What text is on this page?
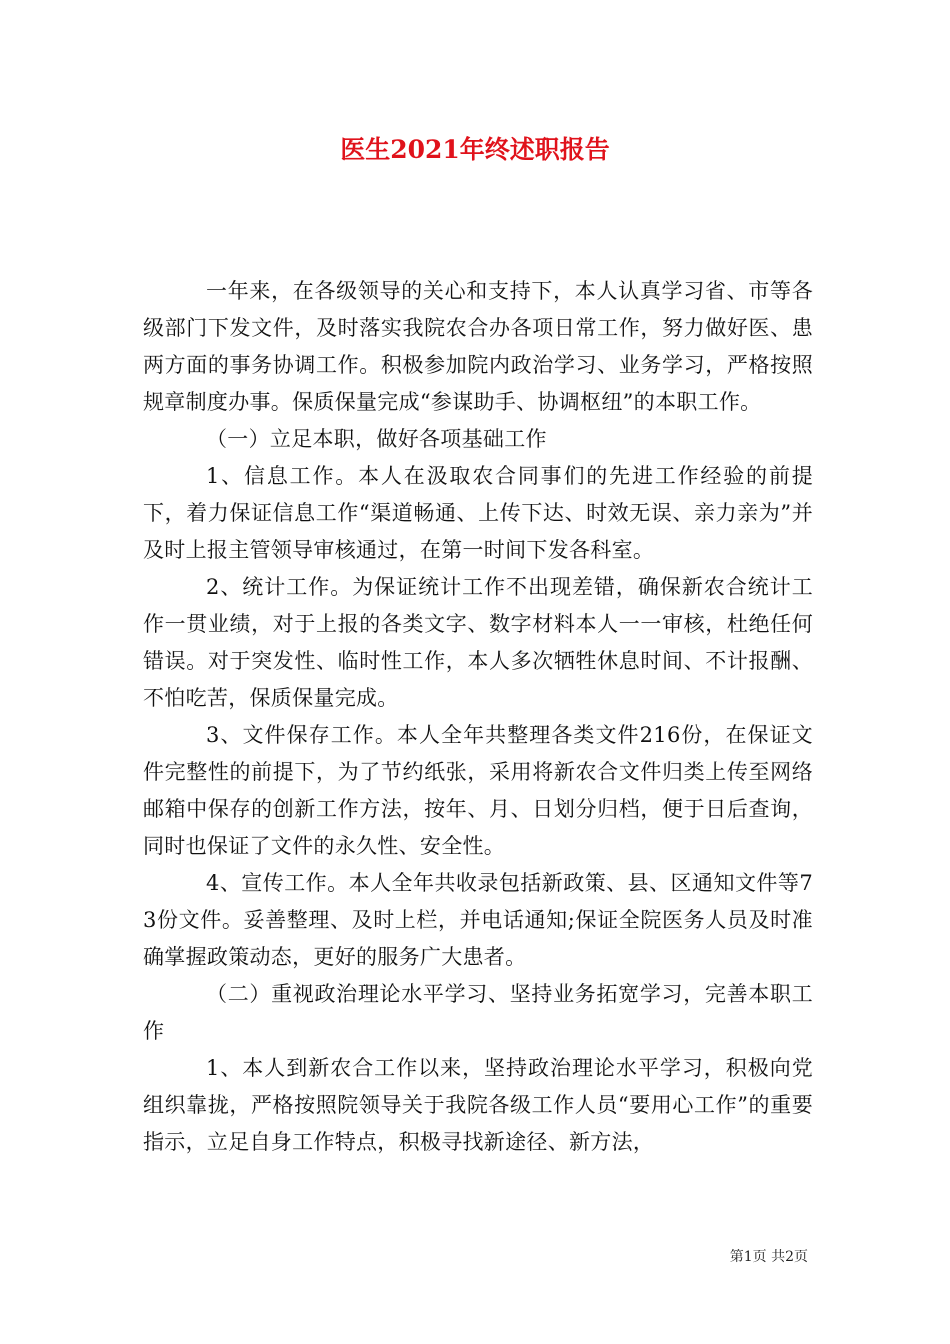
医生2021年终述职报告

一年来，在各级领导的关心和支持下，本人认真学习省、市等各级部门下发文件，及时落实我院农合办各项日常工作，努力做好医、患两方面的事务协调工作。积极参加院内政治学习、业务学习，严格按照规章制度办事。保质保量完成“参谋助手、协调枢纽”的本职工作。

（一）立足本职，做好各项基础工作

1、信息工作。本人在汲取农合同事们的先进工作经验的前提下，着力保证信息工作“渠道畅通、上传下达、时效无误、亲力亲为”并及时上报主管领导审核通过，在第一时间下发各科室。

2、统计工作。为保证统计工作不出现差错，确保新农合统计工作一贯业绩，对于上报的各类文字、数字材料本人一一审核，杜绝任何错误。对于突发性、临时性工作，本人多次牺牲休息时间、不计报酬、不怕吃苦，保质保量完成。

3、文件保存工作。本人全年共整理各类文件216份，在保证文件完整性的前提下，为了节约纸张，采用将新农合文件归类上传至网络邮箱中保存的创新工作方法，按年、月、日划分归档，便于日后查询，同时也保证了文件的永久性、安全性。

4、宣传工作。本人全年共收录包括新政策、县、区通知文件等73份文件。妥善整理、及时上栏，并电话通知;保证全院医务人员及时准确掌握政策动态，更好的服务广大患者。

（二）重视政治理论水平学习、坚持业务拓宽学习，完善本职工作

1、本人到新农合工作以来，坚持政治理论水平学习，积极向党组织靠拢，严格按照院领导关于我院各级工作人员“要用心工作”的重要指示，立足自身工作特点，积极寻找新途径、新方法，

第1页 共2页
